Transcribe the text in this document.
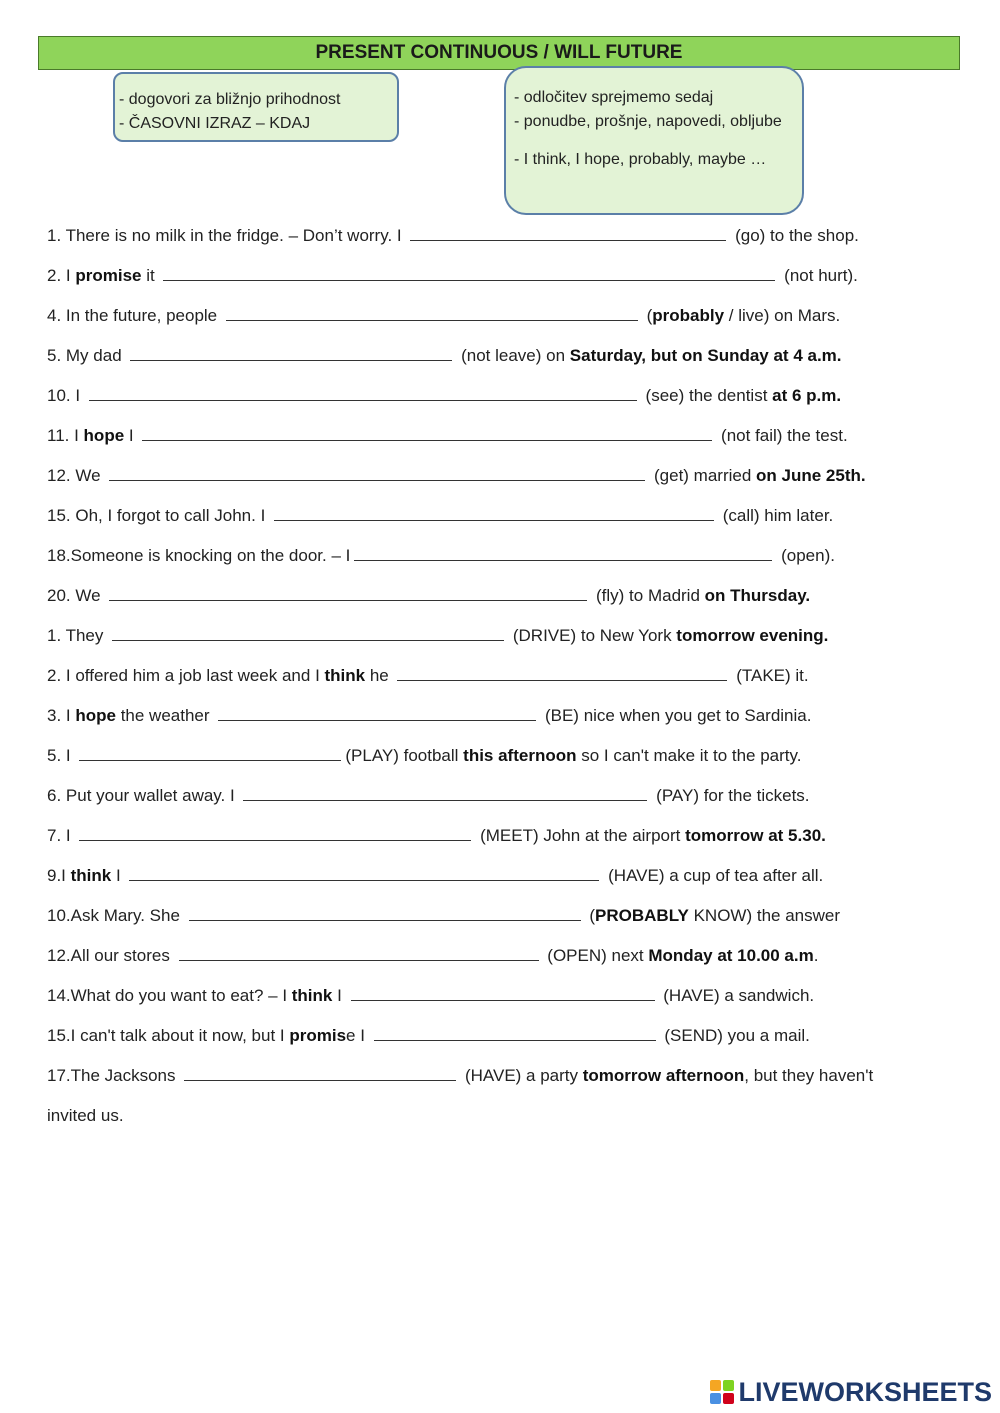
PRESENT CONTINUOUS / WILL FUTURE
- dogovori za bližnjo prihodnost
- ČASOVNI IZRAZ – KDAJ
- odločitev sprejmemo sedaj
- ponudbe, prošnje, napovedi, obljube
- I think, I hope, probably, maybe …
1. There is no milk in the fridge. – Don’t worry. I	(go) to the shop.
2. I promise it	(not hurt).
4. In the future, people	(probably / live) on Mars.
5. My dad	(not leave) on Saturday, but on Sunday at 4 a.m.
10. I	(see) the dentist at 6 p.m.
11. I hope I	(not fail) the test.
12. We	(get) married on June 25th.
15. Oh, I forgot to call John. I	(call) him later.
18.Someone is knocking on the door. – I	(open).
20. We	(fly) to Madrid on Thursday.
1. They	(DRIVE) to New York tomorrow evening.
2. I offered him a job last week and I think he	(TAKE) it.
3. I hope the weather	(BE) nice when you get to Sardinia.
5. I	(PLAY) football this afternoon so I can't make it to the party.
6. Put your wallet away. I	(PAY) for the tickets.
7. I	(MEET) John at the airport tomorrow at 5.30.
9.I think I	(HAVE) a cup of tea after all.
10.Ask Mary. She	(PROBABLY KNOW) the answer
12.All our stores	(OPEN) next Monday at 10.00 a.m.
14.What do you want to eat? – I think I	(HAVE) a sandwich.
15.I can't talk about it now, but I promise I	(SEND) you a mail.
17.The Jacksons	(HAVE) a party tomorrow afternoon, but they haven't
invited us.
LIVEWORKSHEETS
